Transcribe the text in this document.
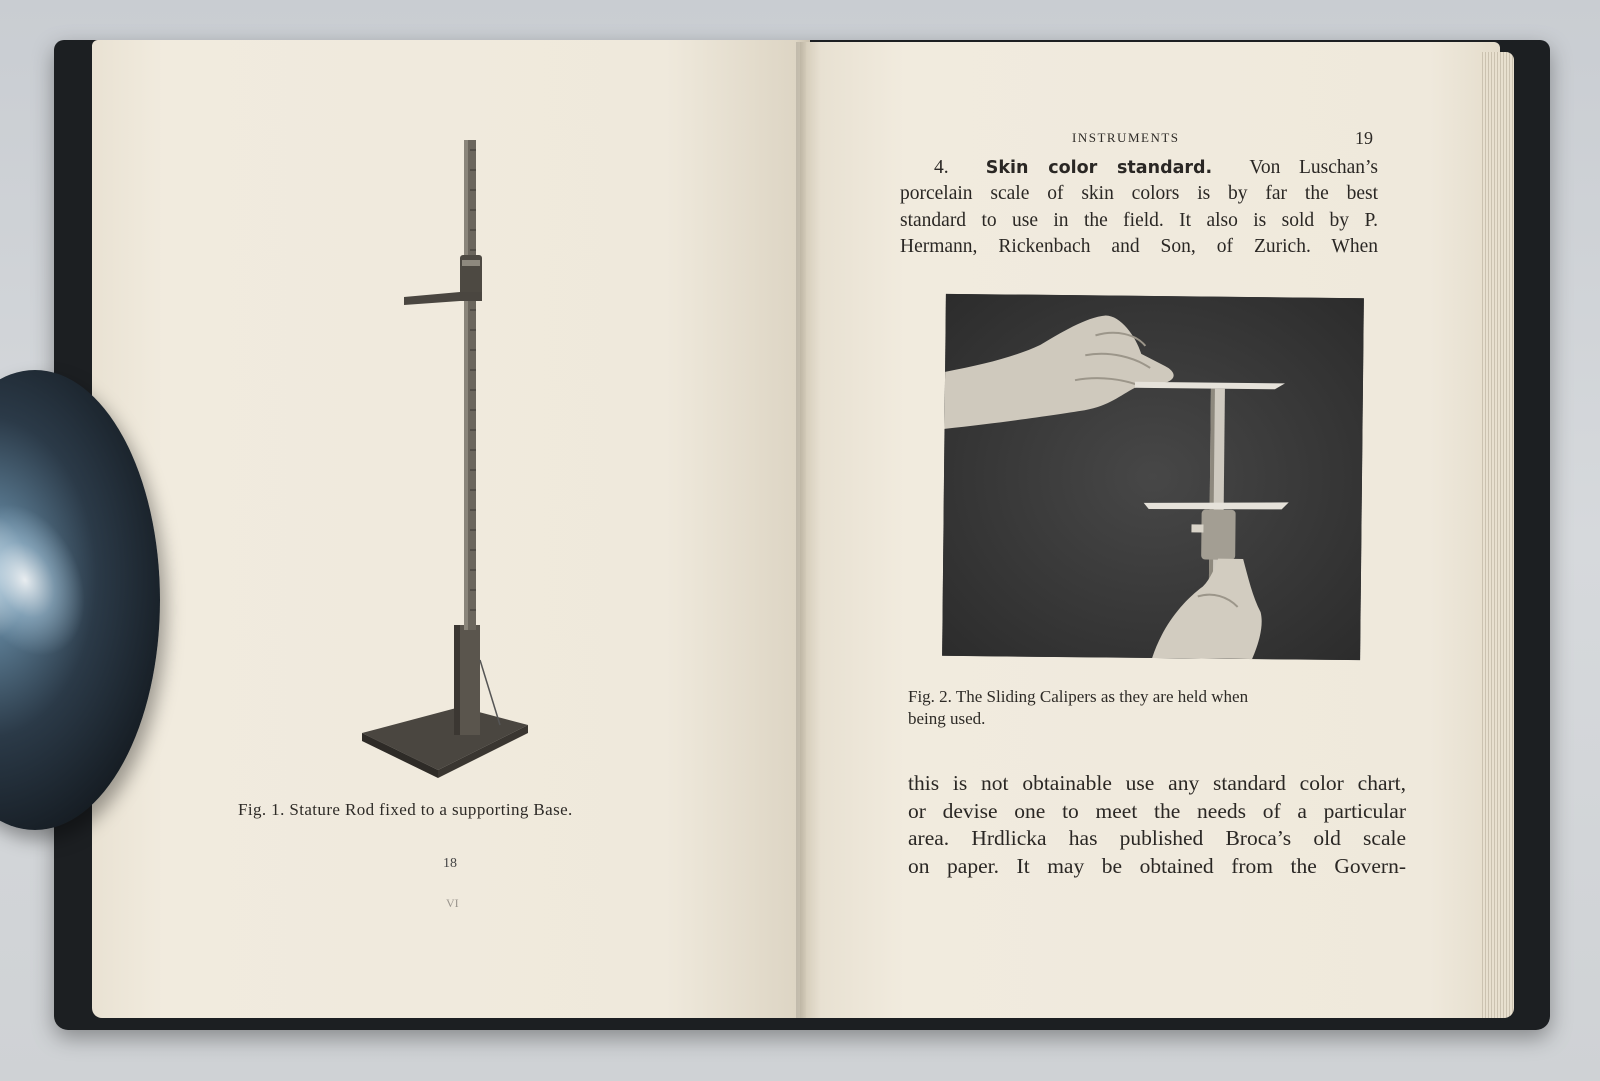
Fig. 1. Stature Rod fixed to a supporting Base.
18
VI
INSTRUMENTS	19
4. Skin color standard. Von Luschan’s
porcelain scale of skin colors is by far the best
standard to use in the field. It also is sold by P.
Hermann, Rickenbach and Son, of Zurich. When
Fig. 2. The Sliding Calipers as they are held when
being used.
this is not obtainable use any standard color chart,
or devise one to meet the needs of a particular
area. Hrdlicka has published Broca’s old scale
on paper. It may be obtained from the Govern-
